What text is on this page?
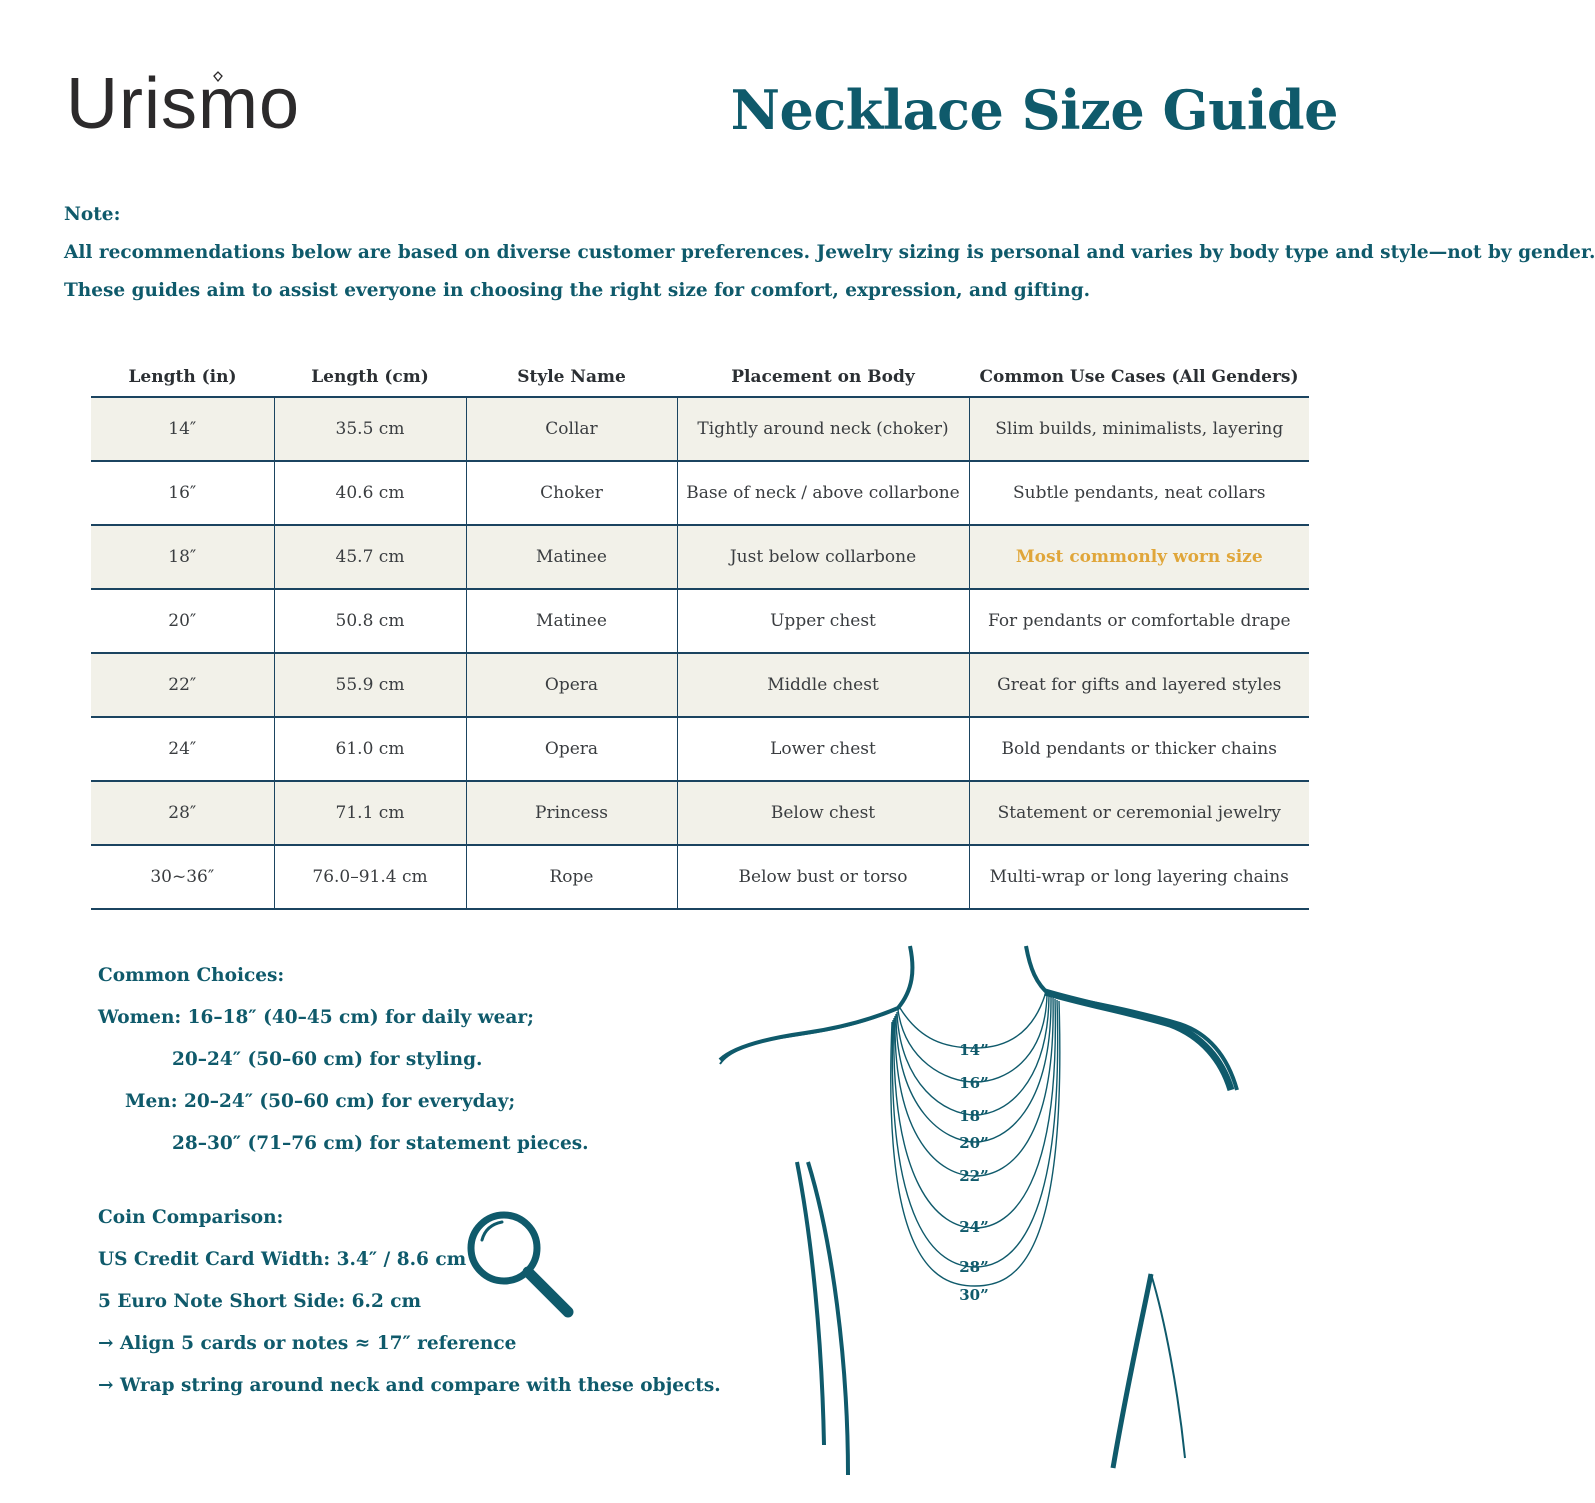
Urismo	Necklace Size Guide
Note:
All recommendations below are based on diverse customer preferences. Jewelry sizing is personal and varies by body type and style—not by gender.
These guides aim to assist everyone in choosing the right size for comfort, expression, and gifting.
Length (in)	Length (cm)	Style Name	Placement on Body	Common Use Cases (All Genders)
14″	35.5 cm	Collar	Tightly around neck (choker)	Slim builds, minimalists, layering
16″	40.6 cm	Choker	Base of neck / above collarbone	Subtle pendants, neat collars
18″	45.7 cm	Matinee	Just below collarbone	Most commonly worn size
20″	50.8 cm	Matinee	Upper chest	For pendants or comfortable drape
22″	55.9 cm	Opera	Middle chest	Great for gifts and layered styles
24″	61.0 cm	Opera	Lower chest	Bold pendants or thicker chains
28″	71.1 cm	Princess	Below chest	Statement or ceremonial jewelry
30~36″	76.0–91.4 cm	Rope	Below bust or torso	Multi-wrap or long layering chains
Common Choices:
Women: 16–18″ (40–45 cm) for daily wear;
20–24″ (50–60 cm) for styling.
Men: 20–24″ (50–60 cm) for everyday;
28–30″ (71–76 cm) for statement pieces.
Coin Comparison:
US Credit Card Width: 3.4″ / 8.6 cm
5 Euro Note Short Side: 6.2 cm
→ Align 5 cards or notes ≈ 17″ reference
→ Wrap string around neck and compare with these objects.
14”
16”
18”
20”
22”
24”
28”
30”
